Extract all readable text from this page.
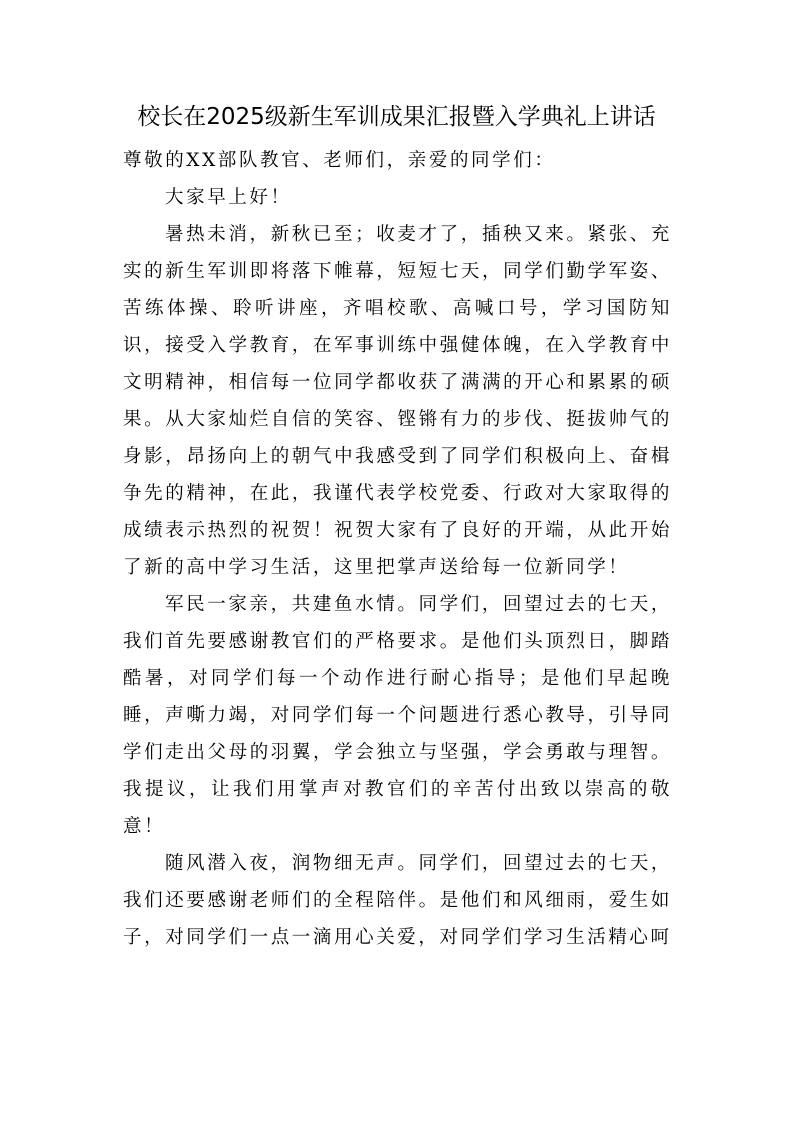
校长在2025级新生军训成果汇报暨入学典礼上讲话

尊敬的XX部队教官、老师们，亲爱的同学们：

大家早上好！

暑热未消，新秋已至；收麦才了，插秧又来。紧张、充实的新生军训即将落下帷幕，短短七天，同学们勤学军姿、苦练体操、聆听讲座，齐唱校歌、高喊口号，学习国防知识，接受入学教育，在军事训练中强健体魄，在入学教育中文明精神，相信每一位同学都收获了满满的开心和累累的硕果。从大家灿烂自信的笑容、铿锵有力的步伐、挺拔帅气的身影，昂扬向上的朝气中我感受到了同学们积极向上、奋楫争先的精神，在此，我谨代表学校党委、行政对大家取得的成绩表示热烈的祝贺！祝贺大家有了良好的开端，从此开始了新的高中学习生活，这里把掌声送给每一位新同学！

军民一家亲，共建鱼水情。同学们，回望过去的七天，我们首先要感谢教官们的严格要求。是他们头顶烈日，脚踏酷暑，对同学们每一个动作进行耐心指导；是他们早起晚睡，声嘶力竭，对同学们每一个问题进行悉心教导，引导同学们走出父母的羽翼，学会独立与坚强，学会勇敢与理智。我提议，让我们用掌声对教官们的辛苦付出致以崇高的敬意！

随风潜入夜，润物细无声。同学们，回望过去的七天，我们还要感谢老师们的全程陪伴。是他们和风细雨，爱生如子，对同学们一点一滴用心关爱，对同学们学习生活精心呵
